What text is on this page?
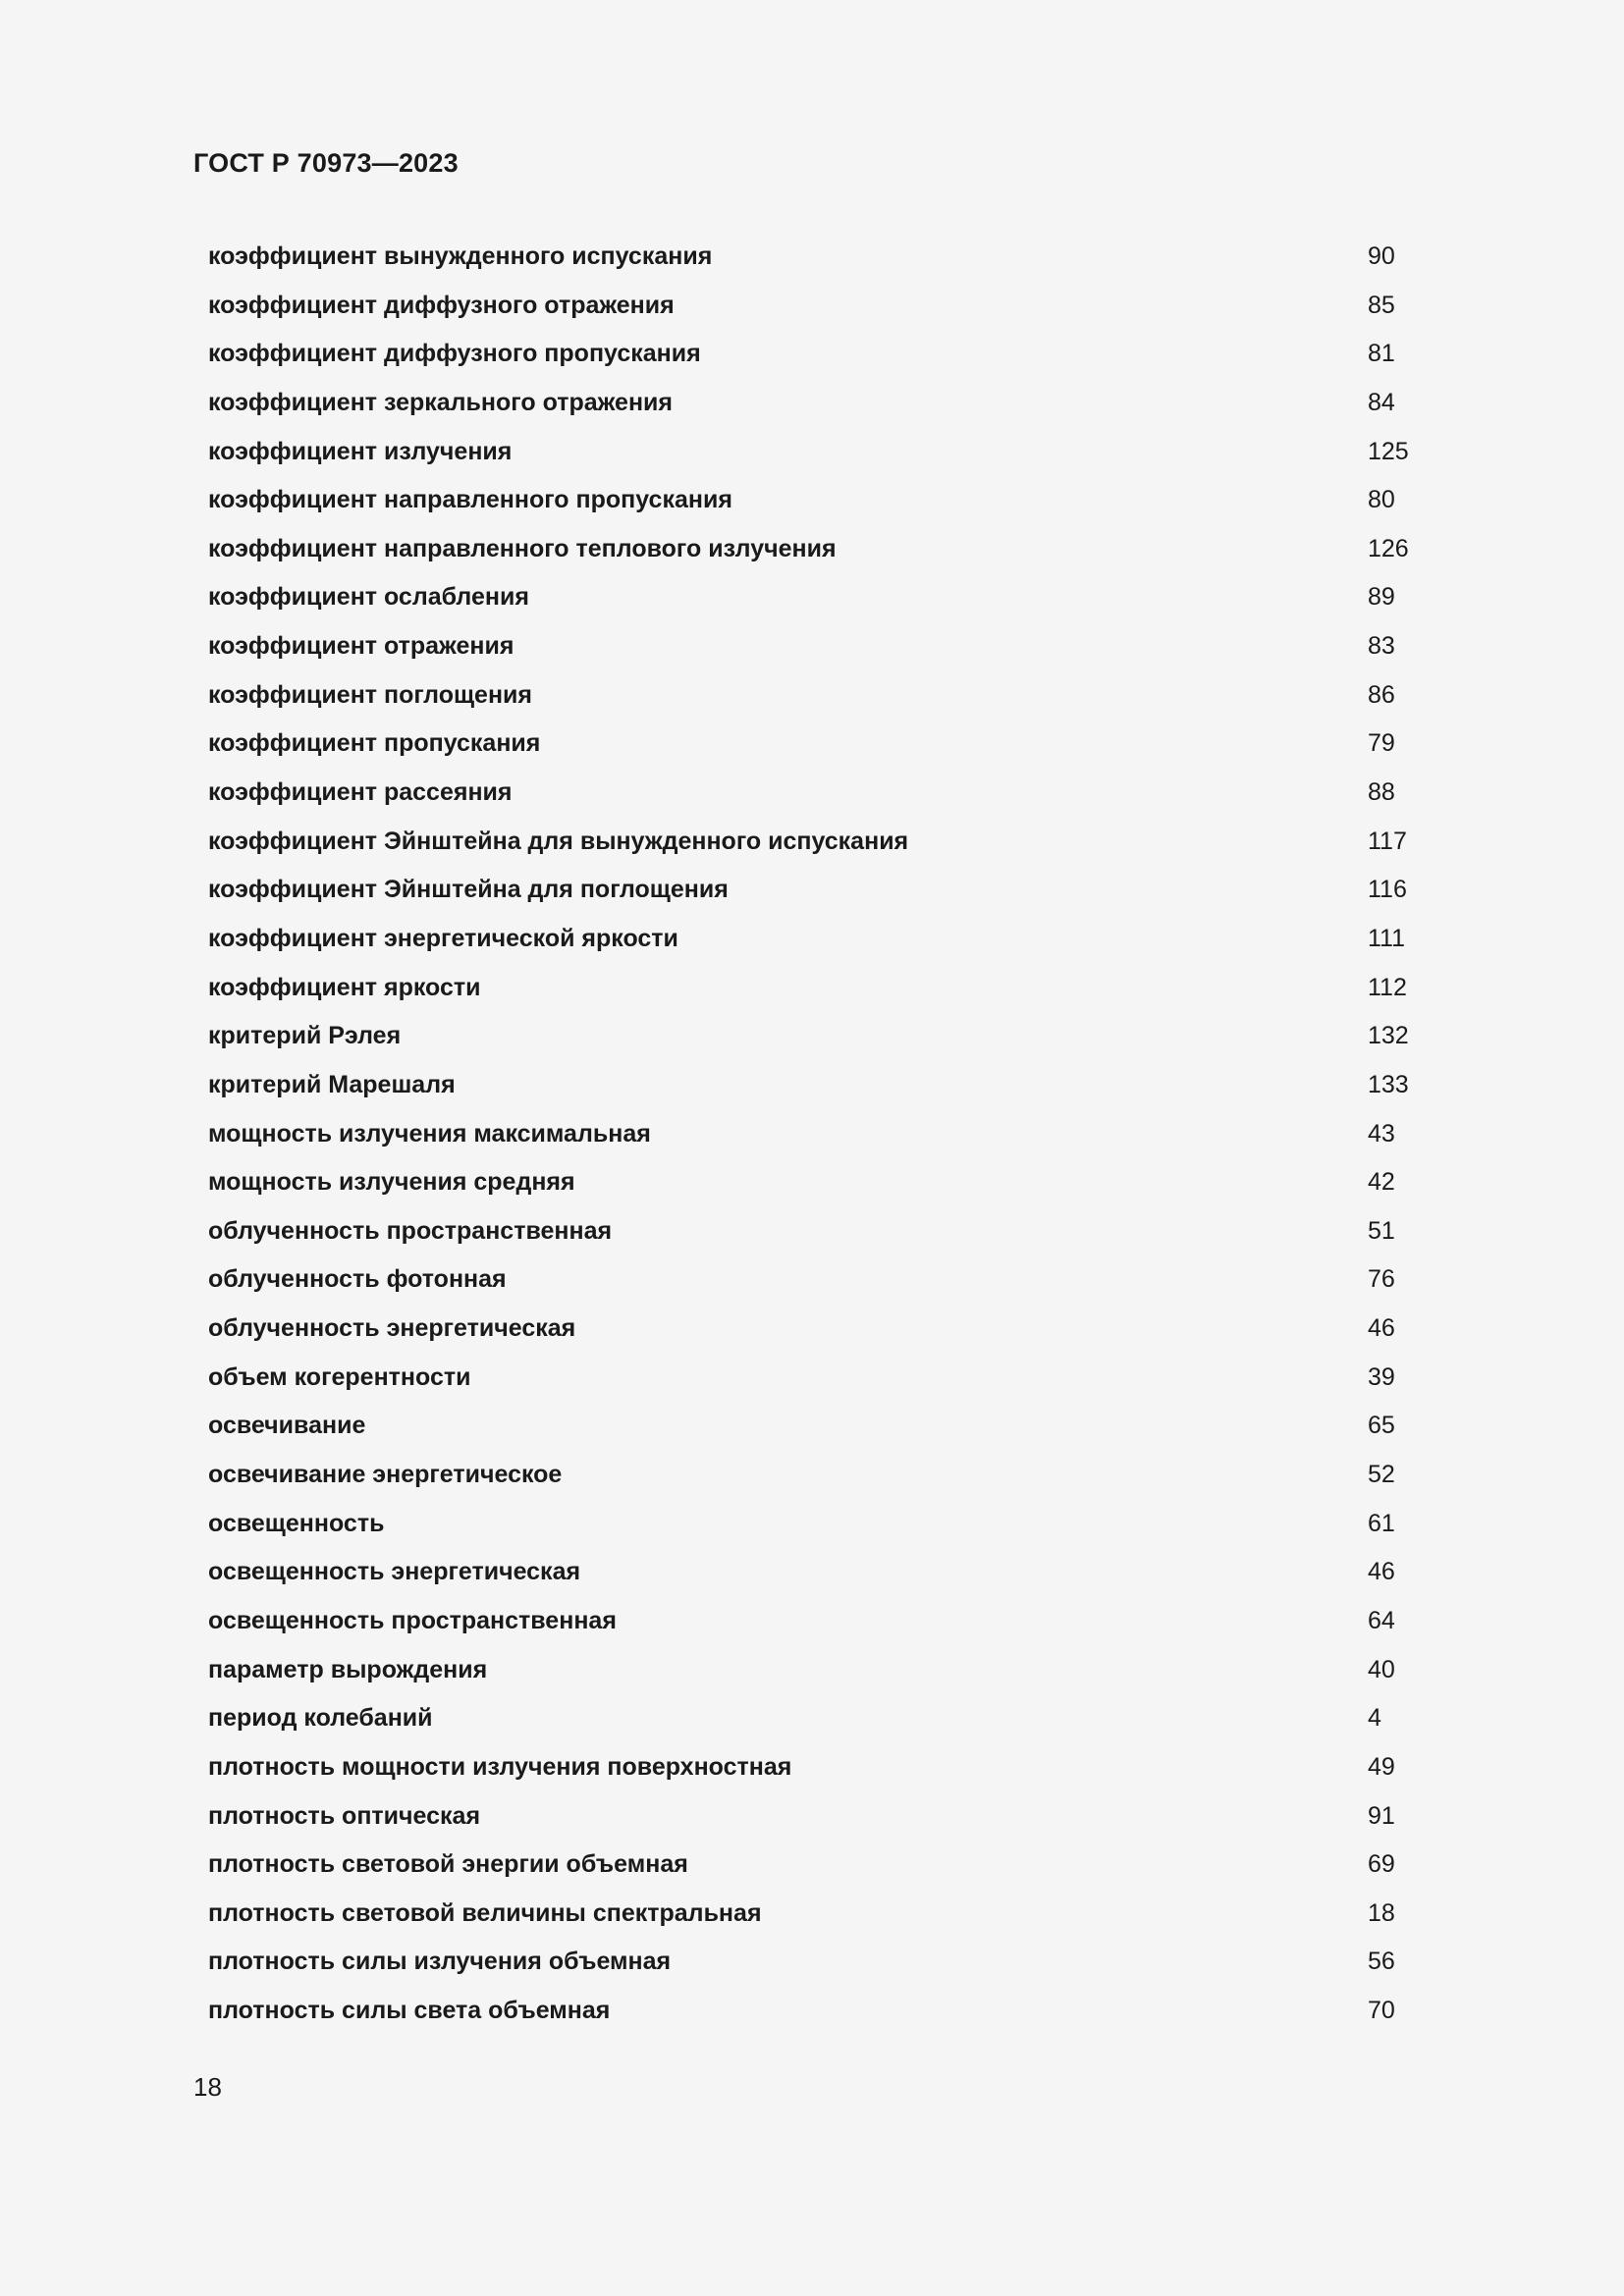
ГОСТ Р 70973—2023
коэффициент вынужденного испускания	90
коэффициент диффузного отражения	85
коэффициент диффузного пропускания	81
коэффициент зеркального отражения	84
коэффициент излучения	125
коэффициент направленного пропускания	80
коэффициент направленного теплового излучения	126
коэффициент ослабления	89
коэффициент отражения	83
коэффициент поглощения	86
коэффициент пропускания	79
коэффициент рассеяния	88
коэффициент Эйнштейна для вынужденного испускания	117
коэффициент Эйнштейна для поглощения	116
коэффициент энергетической яркости	111
коэффициент яркости	112
критерий Рэлея	132
критерий Марешаля	133
мощность излучения максимальная	43
мощность излучения средняя	42
облученность пространственная	51
облученность фотонная	76
облученность энергетическая	46
объем когерентности	39
освечивание	65
освечивание энергетическое	52
освещенность	61
освещенность энергетическая	46
освещенность пространственная	64
параметр вырождения	40
период колебаний	4
плотность мощности излучения поверхностная	49
плотность оптическая	91
плотность световой энергии объемная	69
плотность световой величины спектральная	18
плотность силы излучения объемная	56
плотность силы света объемная	70
18
